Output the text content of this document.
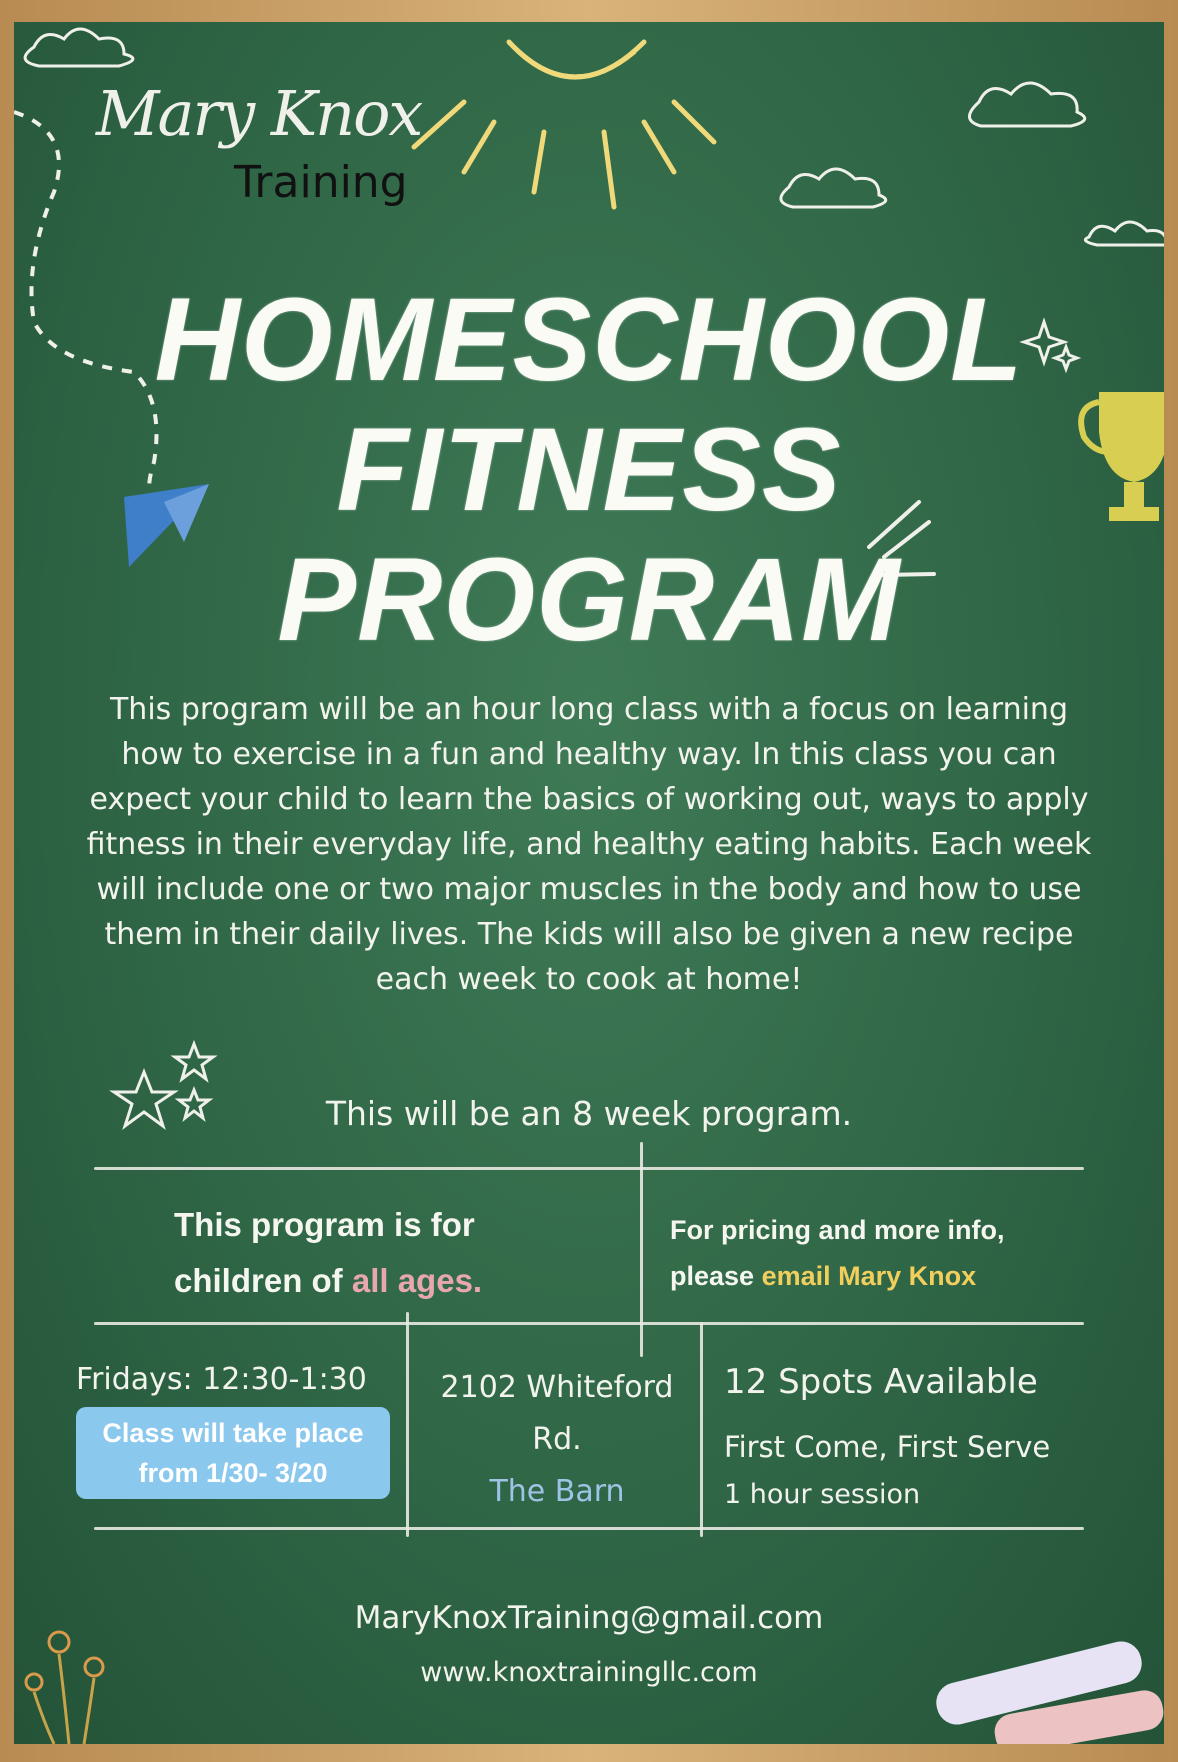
Mary Knox
Training
HOMESCHOOL
FITNESS
PROGRAM
This program will be an hour long class with a focus on learning how to exercise in a fun and healthy way. In this class you can expect your child to learn the basics of working out, ways to apply fitness in their everyday life, and healthy eating habits. Each week will include one or two major muscles in the body and how to use them in their daily lives. The kids will also be given a new recipe each week to cook at home!
This will be an 8 week program.
This program is for
children of all ages.
For pricing and more info,
please email Mary Knox
Fridays: 12:30-1:30
Class will take place
from 1/30- 3/20
2102 Whiteford
Rd.
The Barn
12 Spots Available
First Come, First Serve
1 hour session
MaryKnoxTraining@gmail.com
www.knoxtrainingllc.com
